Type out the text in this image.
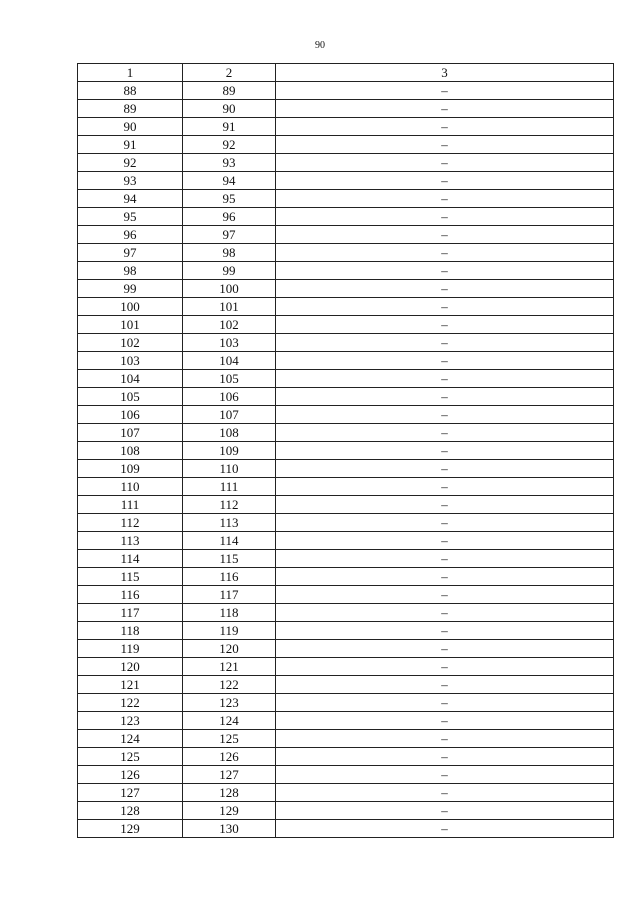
90
1	2	3
88	89	–
89	90	–
90	91	–
91	92	–
92	93	–
93	94	–
94	95	–
95	96	–
96	97	–
97	98	–
98	99	–
99	100	–
100	101	–
101	102	–
102	103	–
103	104	–
104	105	–
105	106	–
106	107	–
107	108	–
108	109	–
109	110	–
110	111	–
111	112	–
112	113	–
113	114	–
114	115	–
115	116	–
116	117	–
117	118	–
118	119	–
119	120	–
120	121	–
121	122	–
122	123	–
123	124	–
124	125	–
125	126	–
126	127	–
127	128	–
128	129	–
129	130	–
